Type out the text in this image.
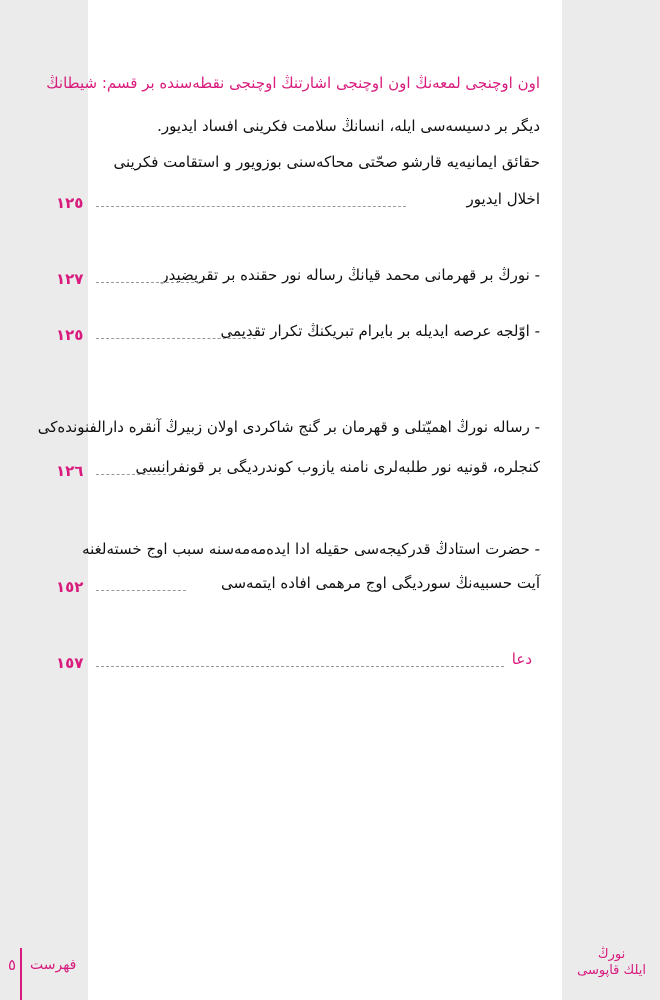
اون اوچنجی لمعەنڭ اون اوچنجی اشارتنڭ اوچنجی نقطەسندە بر قسم: شیطانڭ
دیگر بر دسیسەسی ایلە، انسانڭ سلامت فکرینی افساد ایدیور.
حقائق ایمانیەیە قارشو صحّتی محاکەسنی بوزویور و استقامت فکرینی
اخلال ایدیور
- نورڭ بر قهرمانی محمد قیانڭ رسالە نور حقندە بر تقریضیدر
- اوّلجە عرصە ایدیلە بر بایرام تبریکنڭ تکرار تقدیمی
- رسالە نورڭ اهمیّتلی و قهرمان بر گنج شاکردی اولان زبیرڭ آنقرە دارالفنوندەکی
کنجلرە، قونیە نور طلبەلری نامنە یازوب کوندردیگی بر قونفرانسی
- حضرت استادڭ قدرکیجەسی حقیلە ادا ایدەمەمەسنە سبب اوج خستەلغنە
آیت حسبیەنڭ سوردیگی اوج مرهمی افادە ایتمەسی
دعا
١٢٥
١٢٧
١٢٥
١٢٦
١٥٢
١٥٧
٥ فهرست
نورڭ
ایلك قاپوسی
